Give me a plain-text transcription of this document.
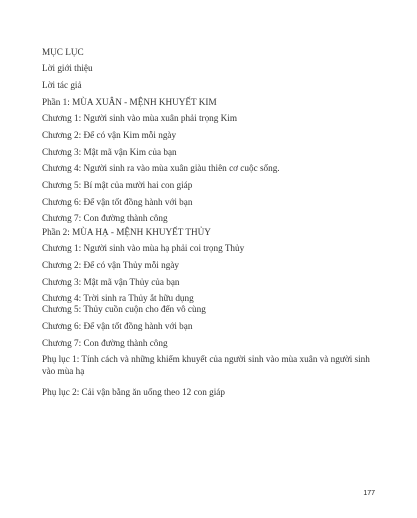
MỤC LỤC
Lời giới thiệu
Lời tác giả
Phần 1: MÙA XUÂN - MỆNH KHUYẾT KIM
Chương 1: Người sinh vào mùa xuân phải trọng Kim
Chương 2: Để có vận Kim mỗi ngày
Chương 3: Mật mã vận Kim của bạn
Chương 4: Người sinh ra vào mùa xuân giàu thiên cơ cuộc sống.
Chương 5: Bí mật của mười hai con giáp
Chương 6: Để vận tốt đồng hành với bạn
Chương 7: Con đường thành công
Phần 2: MÙA HẠ - MỆNH KHUYẾT THỦY
Chương 1: Người sinh vào mùa hạ phải coi trọng Thủy
Chương 2: Để có vận Thủy mỗi ngày
Chương 3: Mật mã vận Thủy của bạn
Chương 4: Trời sinh ra Thủy ắt hữu dụng
Chương 5: Thủy cuồn cuộn cho đến vô cùng
Chương 6: Để vận tốt đồng hành với bạn
Chương 7: Con đường thành công
Phụ lục 1: Tính cách và những khiếm khuyết của người sinh vào mùa xuân và người sinh vào mùa hạ
Phụ lục 2: Cải vận bằng ăn uống theo 12 con giáp
177
